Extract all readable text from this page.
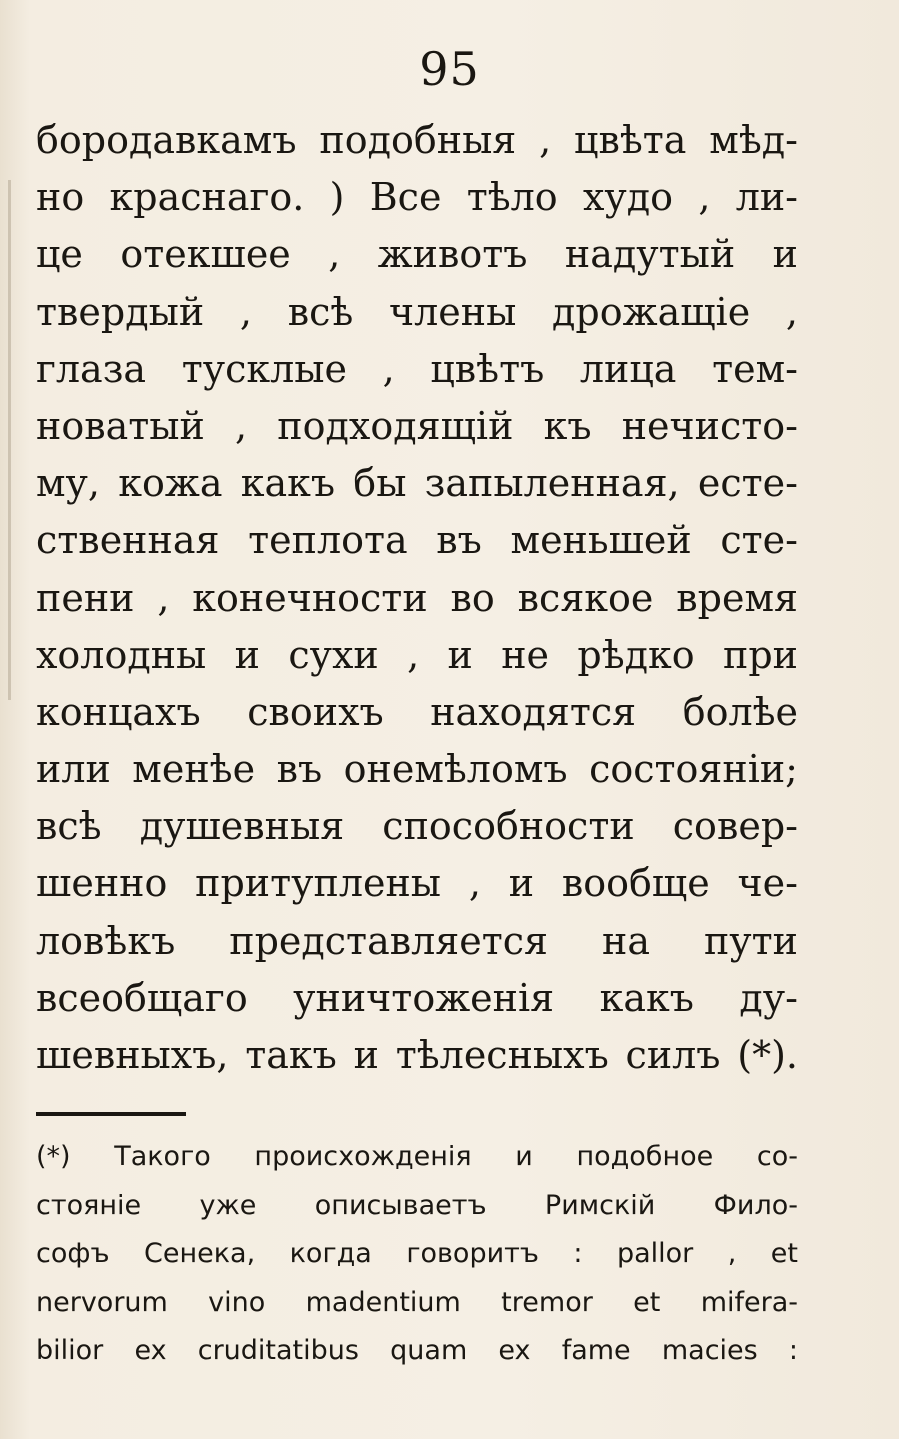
95
бородавкамъ подобныя , цвѣта мѣд-
но краснаго. ) Все тѣло худо , ли-
це отекшее , животъ надутый и
твердый , всѣ члены дрожащіе ,
глаза тусклые , цвѣтъ лица тем-
новатый , подходящій къ нечисто-
му, кожа какъ бы запыленная, есте-
ственная теплота въ меньшей сте-
пени , конечности во всякое время
холодны и сухи , и не рѣдко при
концахъ своихъ находятся болѣе
или менѣе въ онемѣломъ состояніи;
всѣ душевныя способности совер-
шенно притуплены , и вообще че-
ловѣкъ представляется на пути
всеобщаго уничтоженія какъ ду-
шевныхъ, такъ и тѣлесныхъ силъ (*).
(*) Такого происхожденія и подобное со-
стояніе уже описываетъ Римскій Фило-
софъ Сенека, когда говоритъ : pallor , et
nervorum vino madentium tremor et mifera-
bilior ex cruditatibus quam ex fame macies :
